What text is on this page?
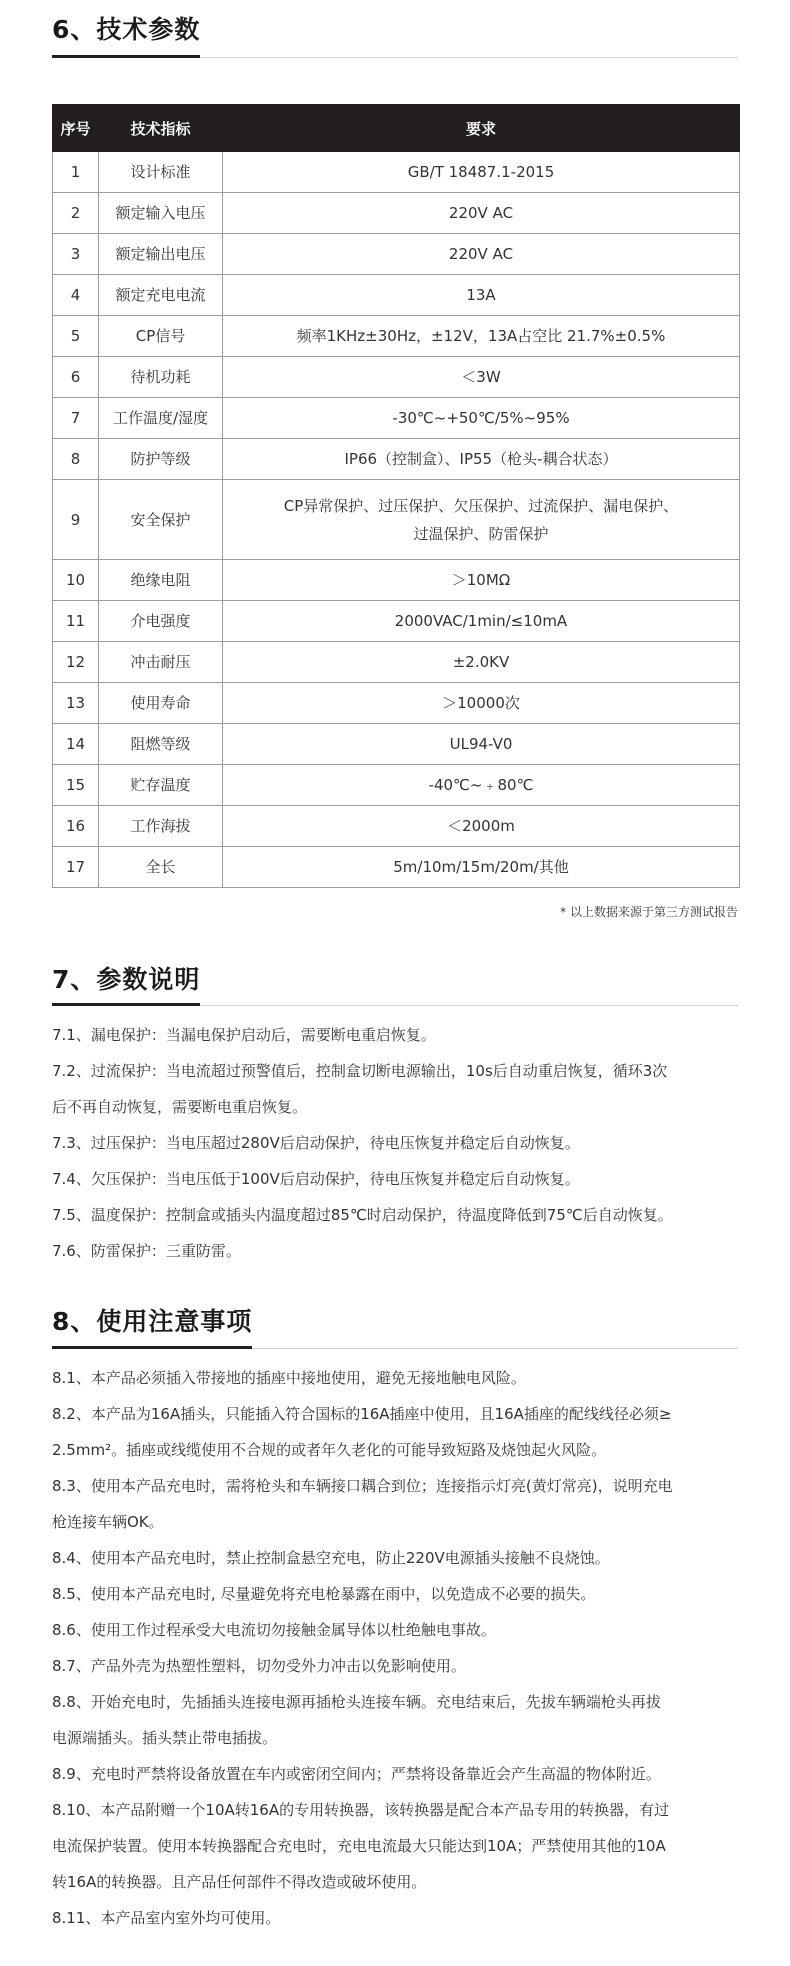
6、技术参数
序号	技术指标	要求
1	设计标准	GB/T 18487.1-2015
2	额定输入电压	220V AC
3	额定输出电压	220V AC
4	额定充电电流	13A
5	CP信号	频率1KHz±30Hz，±12V，13A占空比 21.7%±0.5%
6	待机功耗	＜3W
7	工作温度/湿度	-30℃~+50℃/5%~95%
8	防护等级	IP66（控制盒）、IP55（枪头-耦合状态）
9	安全保护	CP异常保护、过压保护、欠压保护、过流保护、漏电保护、
过温保护、防雷保护

10	绝缘电阻	＞10MΩ
11	介电强度	2000VAC/1min/≤10mA
12	冲击耐压	±2.0KV
13	使用寿命	＞10000次
14	阻燃等级	UL94-V0
15	贮存温度	-40℃~﹢80℃
16	工作海拔	＜2000m
17	全长	5m/10m/15m/20m/其他
* 以上数据来源于第三方测试报告
7、参数说明

7.1、漏电保护：当漏电保护启动后，需要断电重启恢复。

7.2、过流保护：当电流超过预警值后，控制盒切断电源输出，10s后自动重启恢复，循环3次

后不再自动恢复，需要断电重启恢复。

7.3、过压保护：当电压超过280V后启动保护，待电压恢复并稳定后自动恢复。

7.4、欠压保护：当电压低于100V后启动保护，待电压恢复并稳定后自动恢复。

7.5、温度保护：控制盒或插头内温度超过85℃时启动保护，待温度降低到75℃后自动恢复。

7.6、防雷保护：三重防雷。

8、使用注意事项

8.1、本产品必须插入带接地的插座中接地使用，避免无接地触电风险。

8.2、本产品为16A插头，只能插入符合国标的16A插座中使用，且16A插座的配线线径必须≥

2.5mm²。插座或线缆使用不合规的或者年久老化的可能导致短路及烧蚀起火风险。

8.3、使用本产品充电时，需将枪头和车辆接口耦合到位；连接指示灯亮(黄灯常亮)，说明充电

枪连接车辆OK。

8.4、使用本产品充电时，禁止控制盒悬空充电，防止220V电源插头接触不良烧蚀。

8.5、使用本产品充电时, 尽量避免将充电枪暴露在雨中，以免造成不必要的损失。

8.6、使用工作过程承受大电流切勿接触金属导体以杜绝触电事故。

8.7、产品外壳为热塑性塑料，切勿受外力冲击以免影响使用。

8.8、开始充电时，先插插头连接电源再插枪头连接车辆。充电结束后，先拔车辆端枪头再拔

电源端插头。插头禁止带电插拔。

8.9、充电时严禁将设备放置在车内或密闭空间内；严禁将设备靠近会产生高温的物体附近。

8.10、本产品附赠一个10A转16A的专用转换器，该转换器是配合本产品专用的转换器，有过

电流保护装置。使用本转换器配合充电时，充电电流最大只能达到10A；严禁使用其他的10A

转16A的转换器。且产品任何部件不得改造或破坏使用。

8.11、本产品室内室外均可使用。
